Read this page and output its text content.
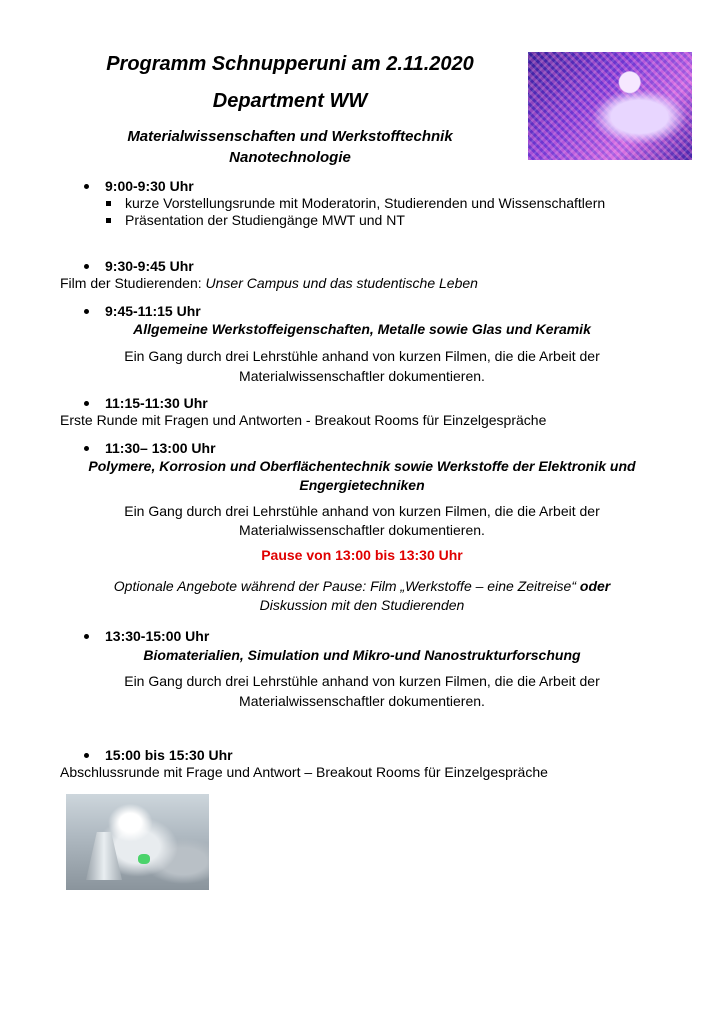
Programm Schnupperuni am 2.11.2020
Department WW
Materialwissenschaften und Werkstofftechnik
Nanotechnologie
9:00-9:30 Uhr
kurze Vorstellungsrunde mit Moderatorin, Studierenden und Wissenschaftlern
Präsentation der Studiengänge MWT und NT
9:30-9:45 Uhr
Film der Studierenden: Unser Campus und das studentische Leben
9:45-11:15 Uhr
Allgemeine Werkstoffeigenschaften, Metalle sowie Glas und Keramik
Ein Gang durch drei Lehrstühle anhand von kurzen Filmen, die die Arbeit der
Materialwissenschaftler dokumentieren.
11:15-11:30 Uhr
Erste Runde mit Fragen und Antworten - Breakout Rooms für Einzelgespräche
11:30– 13:00 Uhr
Polymere, Korrosion und Oberflächentechnik sowie Werkstoffe der Elektronik und
Engergietechniken
Ein Gang durch drei Lehrstühle anhand von kurzen Filmen, die die Arbeit der
Materialwissenschaftler dokumentieren.
Pause von 13:00 bis 13:30 Uhr
Optionale Angebote während der Pause: Film „Werkstoffe – eine Zeitreise“ oder
Diskussion mit den Studierenden
13:30-15:00 Uhr
Biomaterialien, Simulation und Mikro-und Nanostrukturforschung
Ein Gang durch drei Lehrstühle anhand von kurzen Filmen, die die Arbeit der
Materialwissenschaftler dokumentieren.
15:00 bis 15:30 Uhr
Abschlussrunde mit Frage und Antwort – Breakout Rooms für Einzelgespräche
